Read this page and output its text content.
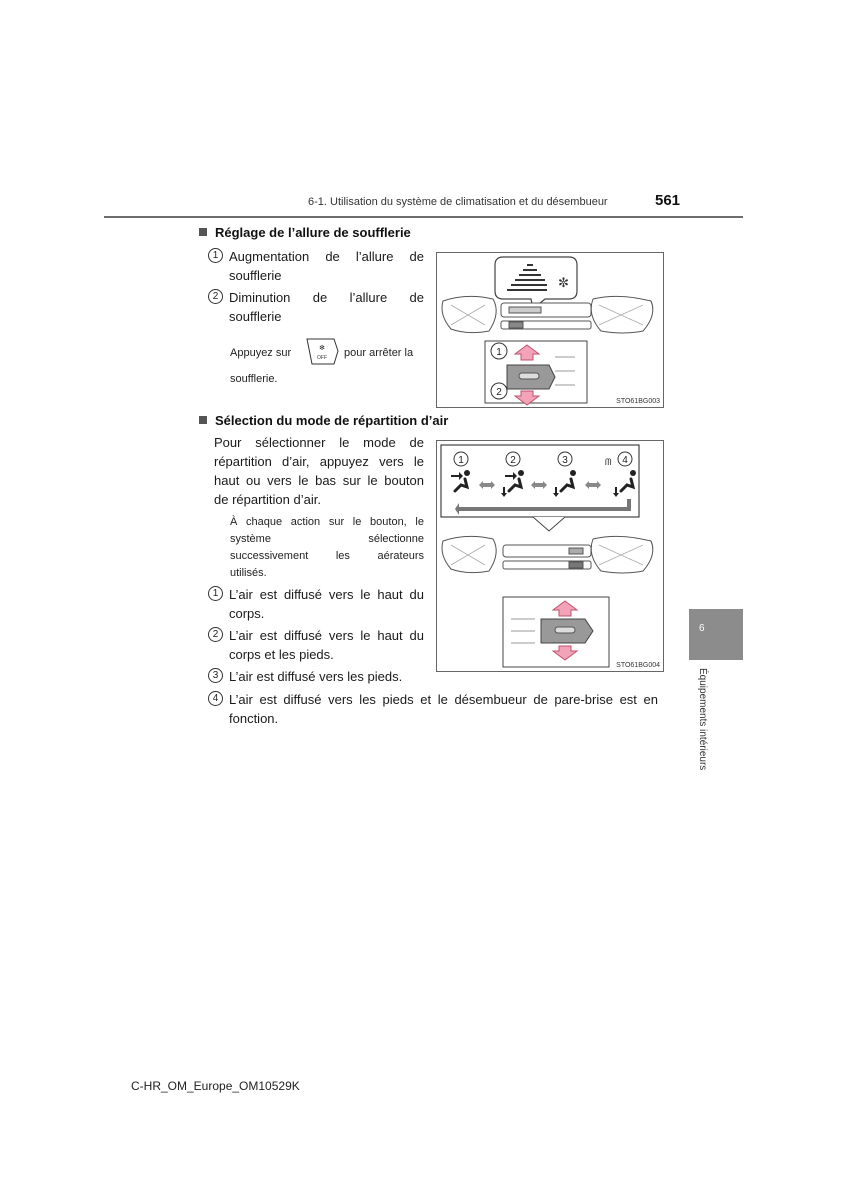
6-1. Utilisation du système de climatisation et du désembueur	561
Réglage de l’allure de soufflerie
1 Augmentation de l’allure de
soufflerie
2 Diminution de l’allure de
soufflerie
Appuyez sur	✻
OFF pour arrêter la
soufflerie.
✼
1
2
STO61BG003
Sélection du mode de répartition d’air
Pour sélectionner le mode de
répartition d’air, appuyez vers le
haut ou vers le bas sur le bouton
de répartition d’air.
À chaque action sur le bouton, le
système sélectionne
successivement les aérateurs
utilisés.
1 L’air est diffusé vers le haut du
corps.
2 L’air est diffusé vers le haut du
corps et les pieds.
3 L’air est diffusé vers les pieds.
4 L’air est diffusé vers les pieds et le désembueur de pare-brise est en
fonction.
1	2	3	4
ᗰ
STO61BG004
6
Équipements intérieurs
C-HR_OM_Europe_OM10529K
